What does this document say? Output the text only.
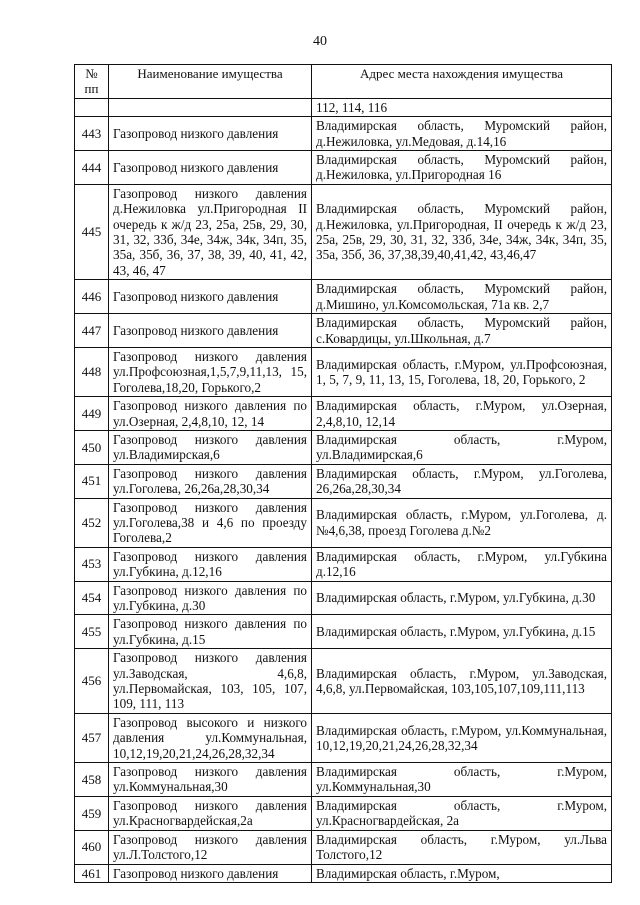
40
№
пп	Наименование имущества	Адрес места нахождения имущества
		112, 114, 116
443	Газопровод низкого давления	Владимирская область, Муромский район, д.Нежиловка, ул.Медовая, д.14,16
444	Газопровод низкого давления	Владимирская область, Муромский район, д.Нежиловка, ул.Пригородная 16
445	Газопровод низкого давления д.Нежиловка ул.Пригородная II очередь к ж/д 23, 25а, 25в, 29, 30, 31, 32, 33б, 34е, 34ж, 34к, 34п, 35, 35а, 35б, 36, 37, 38, 39, 40, 41, 42, 43, 46, 47	Владимирская область, Муромский район, д.Нежиловка, ул.Пригородная, II очередь к ж/д 23, 25а, 25в, 29, 30, 31, 32, 33б, 34е, 34ж, 34к, 34п, 35, 35а, 35б, 36, 37,38,39,40,41,42, 43,46,47
446	Газопровод низкого давления	Владимирская область, Муромский район, д.Мишино, ул.Комсомольская, 71а кв. 2,7
447	Газопровод низкого давления	Владимирская область, Муромский район, с.Ковардицы, ул.Школьная, д.7
448	Газопровод низкого давления ул.Профсоюзная,1,5,7,9,11,13, 15, Гоголева,18,20, Горького,2	Владимирская область, г.Муром, ул.Профсоюзная, 1, 5, 7, 9, 11, 13, 15, Гоголева, 18, 20, Горького, 2
449	Газопровод низкого давления по ул.Озерная, 2,4,8,10, 12, 14	Владимирская область, г.Муром, ул.Озерная, 2,4,8,10, 12,14
450	Газопровод низкого давления ул.Владимирская,6	Владимирская область, г.Муром, ул.Владимирская,6
451	Газопровод низкого давления ул.Гоголева, 26,26а,28,30,34	Владимирская область, г.Муром, ул.Гоголева, 26,26а,28,30,34
452	Газопровод низкого давления ул.Гоголева,38 и 4,6 по проезду Гоголева,2	Владимирская область, г.Муром, ул.Гоголева, д.№4,6,38, проезд Гоголева д.№2
453	Газопровод низкого давления ул.Губкина, д.12,16	Владимирская область, г.Муром, ул.Губкина д.12,16
454	Газопровод низкого давления по ул.Губкина, д.30	Владимирская область, г.Муром, ул.Губкина, д.30
455	Газопровод низкого давления по ул.Губкина, д.15	Владимирская область, г.Муром, ул.Губкина, д.15
456	Газопровод низкого давления ул.Заводская, 4,6,8, ул.Первомайская, 103, 105, 107, 109, 111, 113	Владимирская область, г.Муром, ул.Заводская, 4,6,8, ул.Первомайская, 103,105,107,109,111,113
457	Газопровод высокого и низкого давления ул.Коммунальная, 10,12,19,20,21,24,26,28,32,34	Владимирская область, г.Муром, ул.Коммунальная, 10,12,19,20,21,24,26,28,32,34
458	Газопровод низкого давления ул.Коммунальная,30	Владимирская область, г.Муром, ул.Коммунальная,30
459	Газопровод низкого давления ул.Красногвардейская,2а	Владимирская область, г.Муром, ул.Красногвардейская, 2а
460	Газопровод низкого давления ул.Л.Толстого,12	Владимирская область, г.Муром, ул.Льва Толстого,12
461	Газопровод низкого давления	Владимирская область, г.Муром,
